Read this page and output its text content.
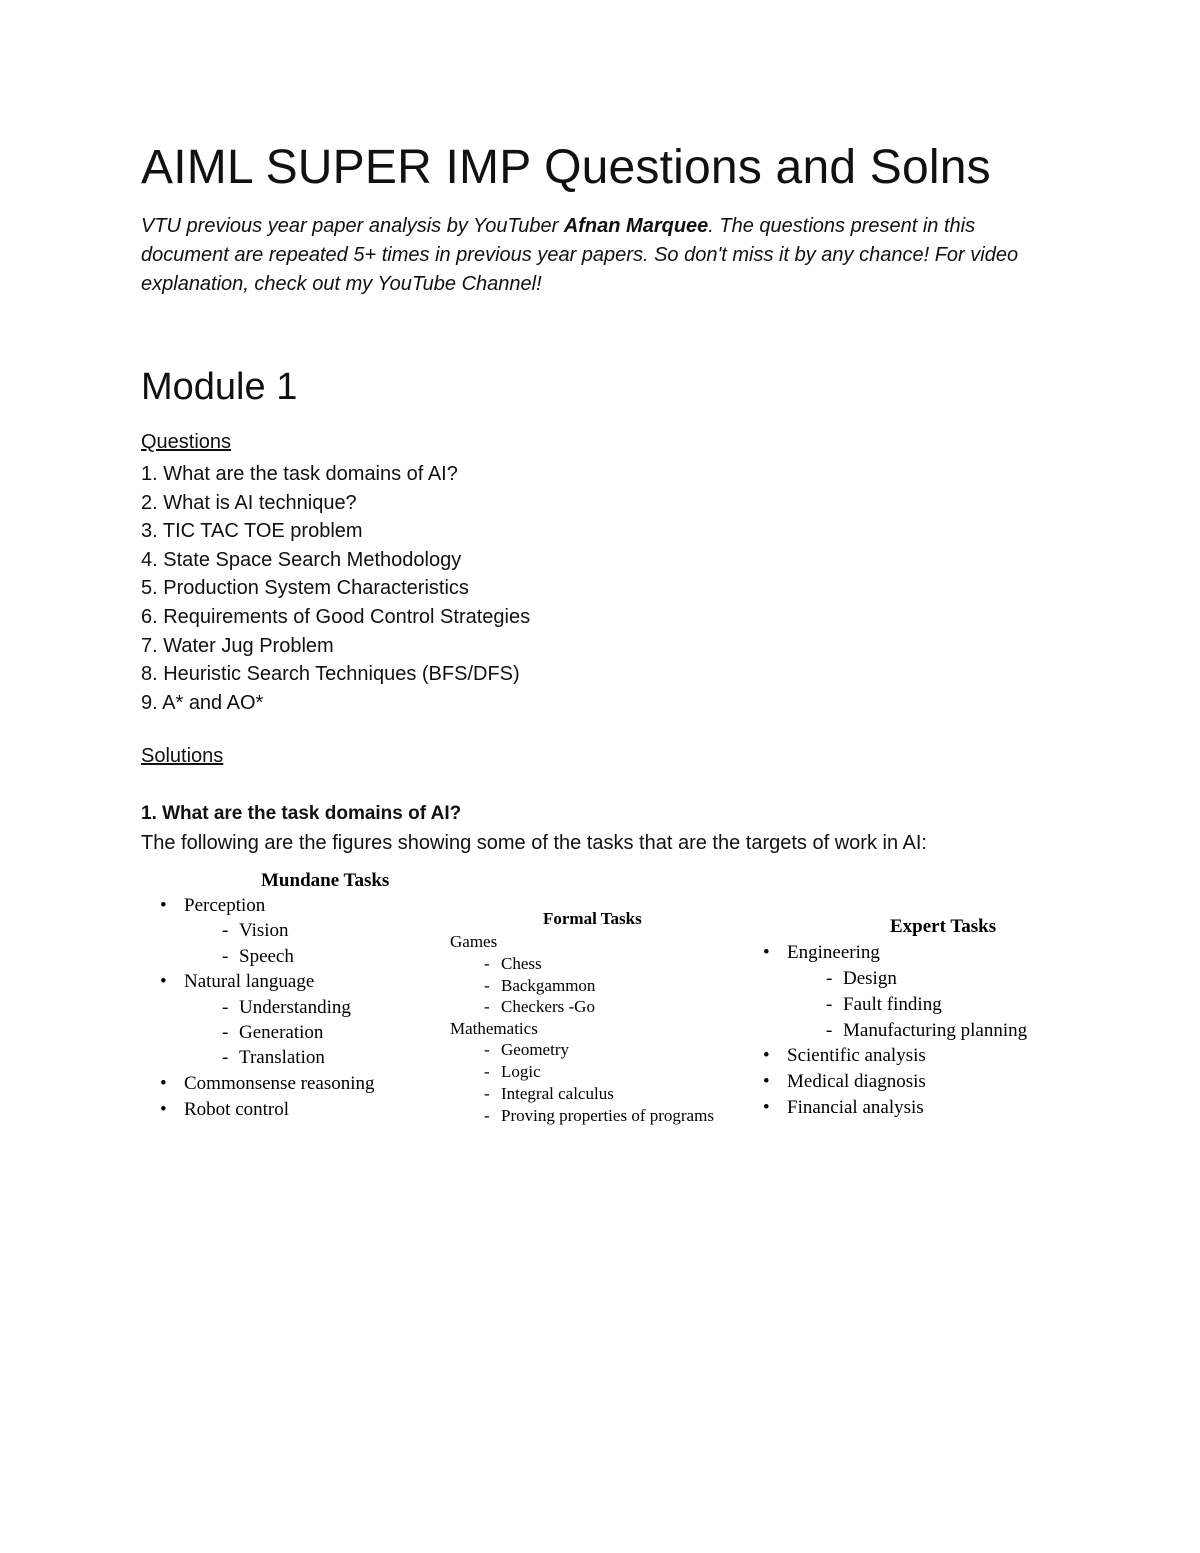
AIML SUPER IMP Questions and Solns

VTU previous year paper analysis by YouTuber Afnan Marquee. The questions present in this document are repeated 5+ times in previous year papers. So don't miss it by any chance! For video explanation, check out my YouTube Channel!

Module 1

Questions

1. What are the task domains of AI?
2. What is AI technique?
3. TIC TAC TOE problem
4. State Space Search Methodology
5. Production System Characteristics
6. Requirements of Good Control Strategies
7. Water Jug Problem
8. Heuristic Search Techniques (BFS/DFS)
9. A* and AO*

Solutions

1. What are the task domains of AI?

The following are the figures showing some of the tasks that are the targets of work in AI:

Mundane Tasks
• Perception
- Vision
- Speech
• Natural language
- Understanding
- Generation
- Translation
• Commonsense reasoning
• Robot control
Formal Tasks
Games
- Chess
- Backgammon
- Checkers -Go
Mathematics
- Geometry
- Logic
- Integral calculus
- Proving properties of programs
Expert Tasks
• Engineering
- Design
- Fault finding
- Manufacturing planning
• Scientific analysis
• Medical diagnosis
• Financial analysis
